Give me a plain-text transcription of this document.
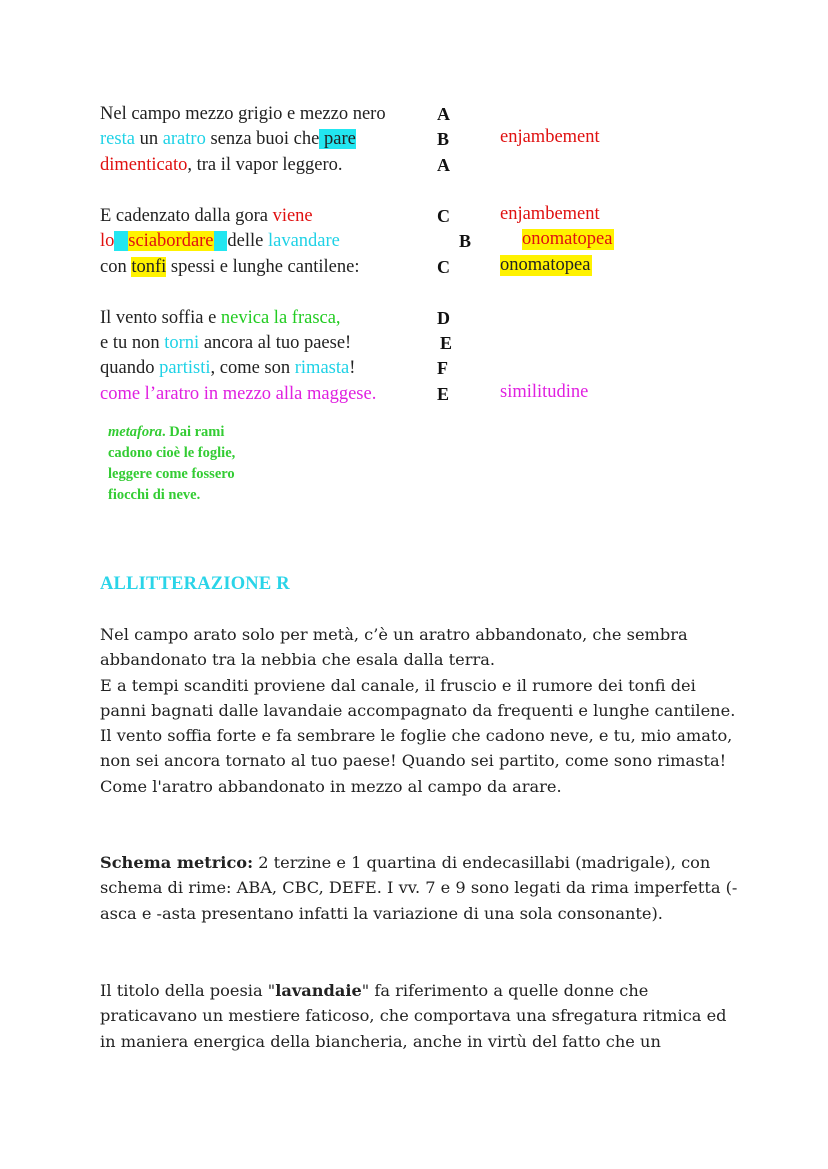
Nel campo mezzo grigio e mezzo nero	A
resta un aratro senza buoi che pare	B	enjambement
dimenticato, tra il vapor leggero.	A
E cadenzato dalla gora viene	C	enjambement
lo sciabordare delle lavandare	B	onomatopea
con tonfi spessi e lunghe cantilene:	C	onomatopea
Il vento soffia e nevica la frasca,	D
e tu non torni ancora al tuo paese!	E
quando partisti, come son rimasta!	F
come l’aratro in mezzo alla maggese.	E	similitudine
metafora. Dai rami
cadono cioè le foglie,
leggere come fossero
fiocchi di neve.
ALLITTERAZIONE R
Nel campo arato solo per metà, c’è un aratro abbandonato, che sembra abbandonato tra la nebbia che esala dalla terra.
E a tempi scanditi proviene dal canale, il fruscio e il rumore dei tonfi dei panni bagnati dalle lavandaie accompagnato da frequenti e lunghe cantilene.
Il vento soffia forte e fa sembrare le foglie che cadono neve, e tu, mio amato, non sei ancora tornato al tuo paese! Quando sei partito, come sono rimasta! Come l'aratro abbandonato in mezzo al campo da arare.
Schema metrico: 2 terzine e 1 quartina di endecasillabi (madrigale), con schema di rime: ABA, CBC, DEFE. I vv. 7 e 9 sono legati da rima imperfetta (-asca e -asta presentano infatti la variazione di una sola consonante).
Il titolo della poesia "lavandaie" fa riferimento a quelle donne che praticavano un mestiere faticoso, che comportava una sfregatura ritmica ed in maniera energica della biancheria, anche in virtù del fatto che un
